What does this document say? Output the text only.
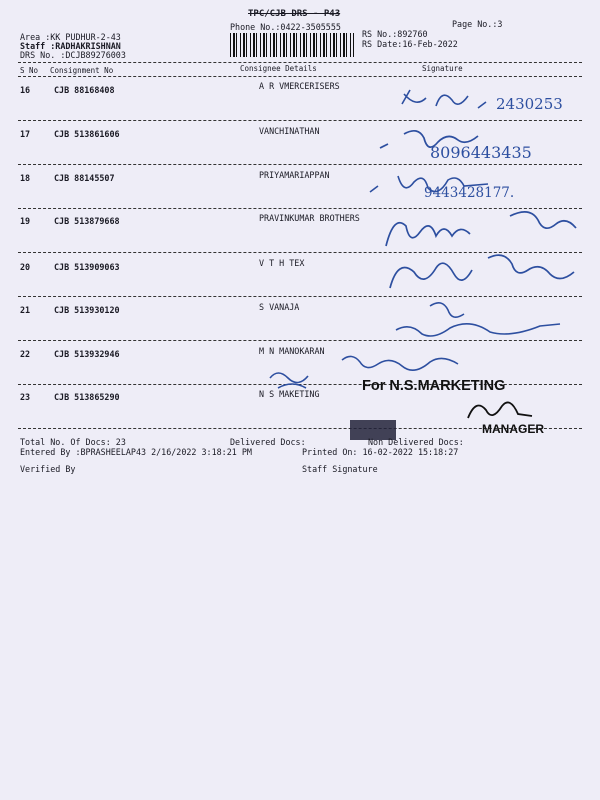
TPC/CJB DRS - P43
Phone No.:0422-3505555	Page No.:3
Area :KK PUDHUR-2-43
Staff :RADHAKRISHNAN
DRS No. :DCJB89276003
RS No.:892760
RS Date:16-Feb-2022
S No Consignment No	Consignee Details	Signature
16	CJB 88168408	A R VMERCERISERS
17	CJB 513861606	VANCHINATHAN
18	CJB 88145507	PRIYAMARIAPPAN
19	CJB 513879668	PRAVINKUMAR BROTHERS
20	CJB 513909063	V T H TEX
21	CJB 513930120	S VANAJA
22	CJB 513932946	M N MANOKARAN
23	CJB 513865290	N S MAKETING
2430253
8096443435
9443428177.
For N.S.MARKETING
MANAGER
Total No. Of Docs: 23	Delivered Docs:	Non Delivered Docs:
Entered By :BPRASHEELAP43 2/16/2022 3:18:21 PM	Printed On: 16-02-2022 15:18:27
Verified By	Staff Signature
